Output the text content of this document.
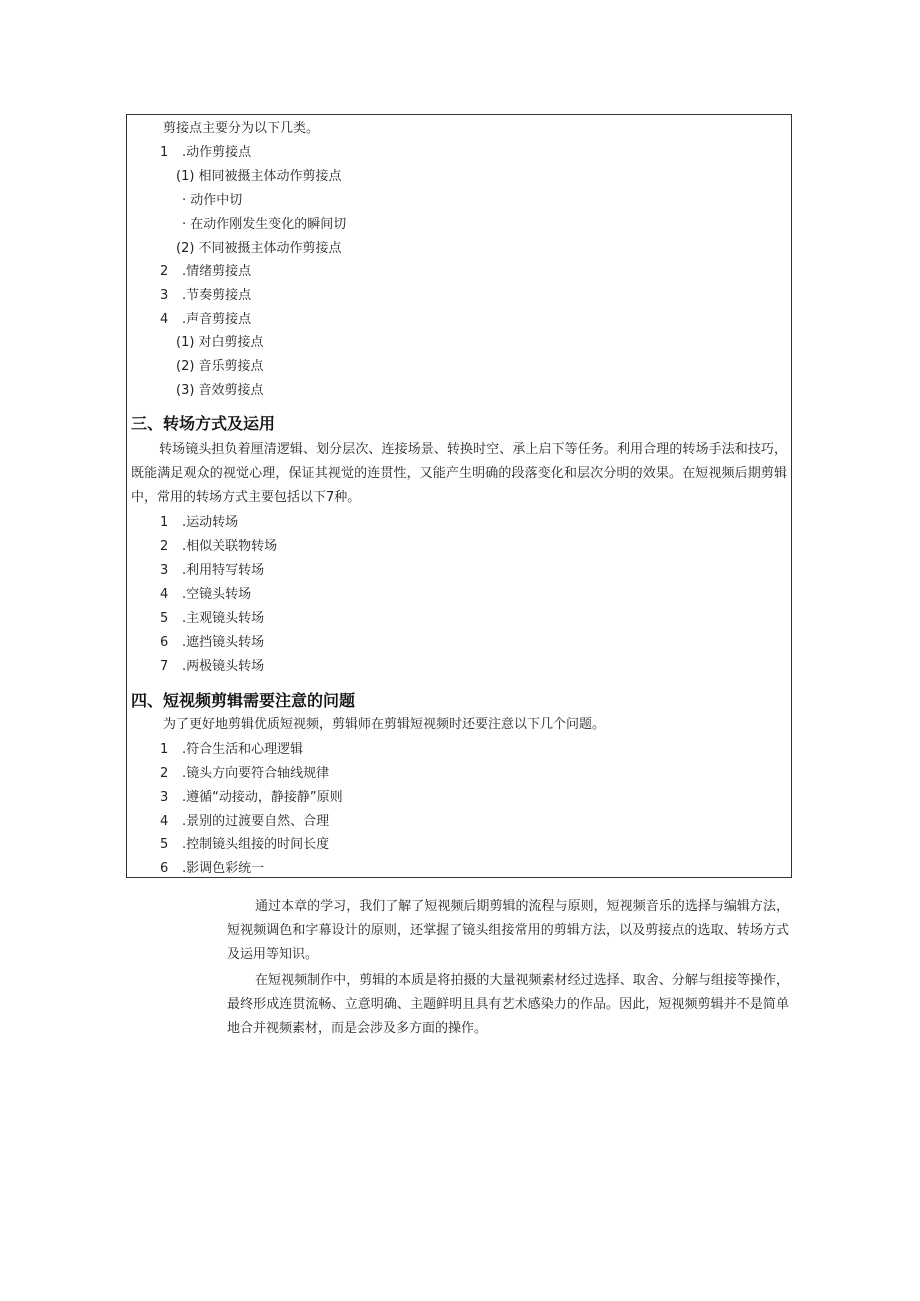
剪接点主要分为以下几类。
1 .动作剪接点
(1) 相同被摄主体动作剪接点
· 动作中切
· 在动作刚发生变化的瞬间切
(2) 不同被摄主体动作剪接点
2 .情绪剪接点
3 .节奏剪接点
4 .声音剪接点
(1) 对白剪接点
(2) 音乐剪接点
(3) 音效剪接点
三、转场方式及运用
转场镜头担负着厘清逻辑、划分层次、连接场景、转换时空、承上启下等任务。利用合理的转场手法和技巧，既能满足观众的视觉心理，保证其视觉的连贯性，又能产生明确的段落变化和层次分明的效果。在短视频后期剪辑中，常用的转场方式主要包括以下7种。
1 .运动转场
2 .相似关联物转场
3 .利用特写转场
4 .空镜头转场
5 .主观镜头转场
6 .遮挡镜头转场
7 .两极镜头转场
四、短视频剪辑需要注意的问题
为了更好地剪辑优质短视频，剪辑师在剪辑短视频时还要注意以下几个问题。
1 .符合生活和心理逻辑
2 .镜头方向要符合轴线规律
3 .遵循“动接动，静接静”原则
4 .景别的过渡要自然、合理
5 .控制镜头组接的时间长度
6 .影调色彩统一
通过本章的学习，我们了解了短视频后期剪辑的流程与原则，短视频音乐的选择与编辑方法，短视频调色和字幕设计的原则，还掌握了镜头组接常用的剪辑方法，以及剪接点的选取、转场方式及运用等知识。
在短视频制作中，剪辑的本质是将拍摄的大量视频素材经过选择、取舍、分解与组接等操作，最终形成连贯流畅、立意明确、主题鲜明且具有艺术感染力的作品。因此，短视频剪辑并不是简单地合并视频素材，而是会涉及多方面的操作。
